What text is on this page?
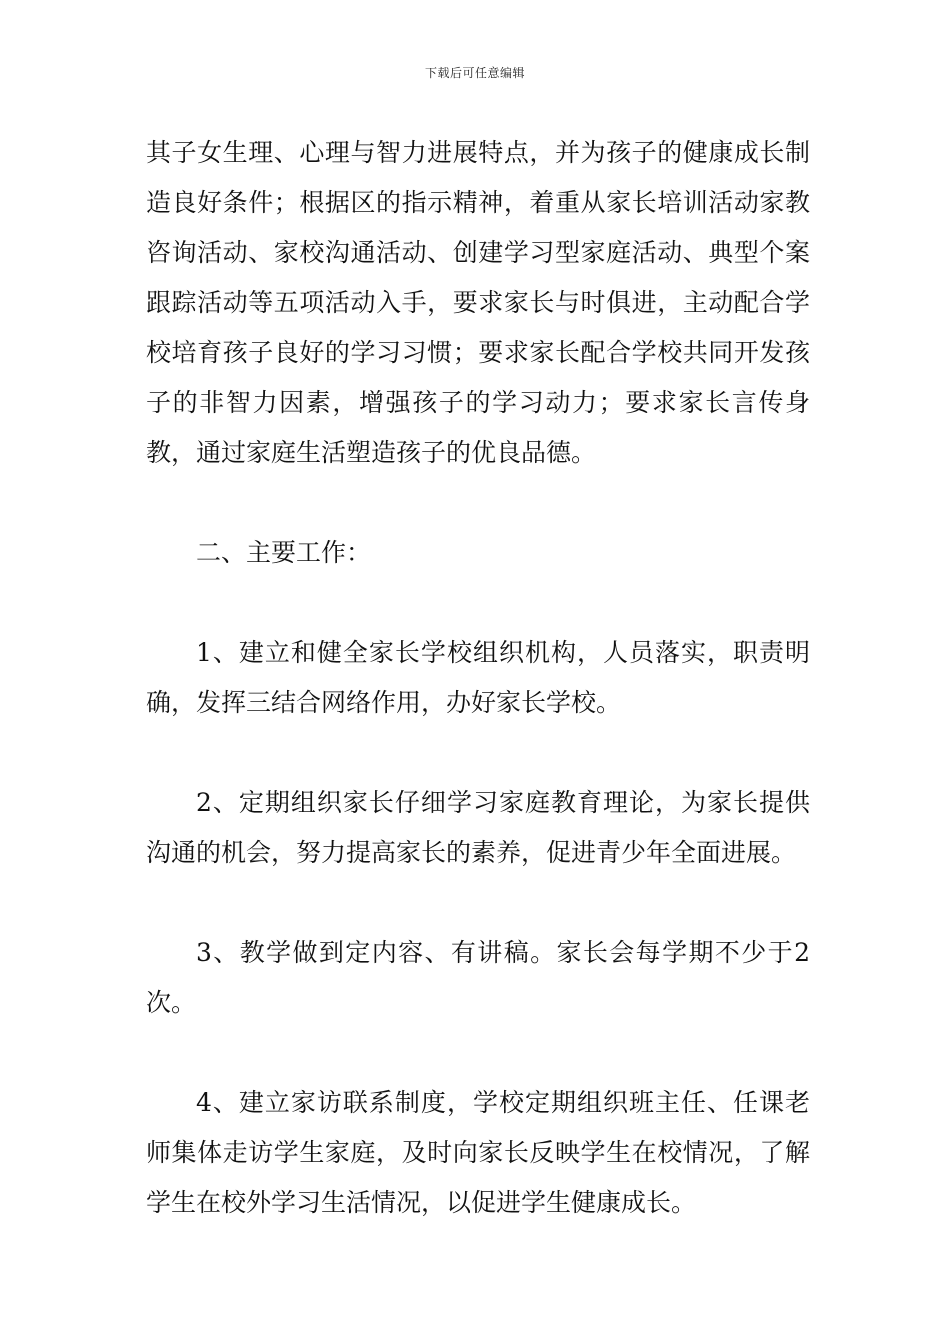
下载后可任意编辑

其子女生理、心理与智力进展特点，并为孩子的健康成长制造良好条件；根据区的指示精神，着重从家长培训活动家教咨询活动、家校沟通活动、创建学习型家庭活动、典型个案跟踪活动等五项活动入手，要求家长与时俱进，主动配合学校培育孩子良好的学习习惯；要求家长配合学校共同开发孩子的非智力因素，增强孩子的学习动力；要求家长言传身教，通过家庭生活塑造孩子的优良品德。

二、主要工作：

1、建立和健全家长学校组织机构，人员落实，职责明确，发挥三结合网络作用，办好家长学校。

2、定期组织家长仔细学习家庭教育理论，为家长提供沟通的机会，努力提高家长的素养，促进青少年全面进展。

3、教学做到定内容、有讲稿。家长会每学期不少于2次。

4、建立家访联系制度，学校定期组织班主任、任课老师集体走访学生家庭，及时向家长反映学生在校情况，了解学生在校外学习生活情况，以促进学生健康成长。
